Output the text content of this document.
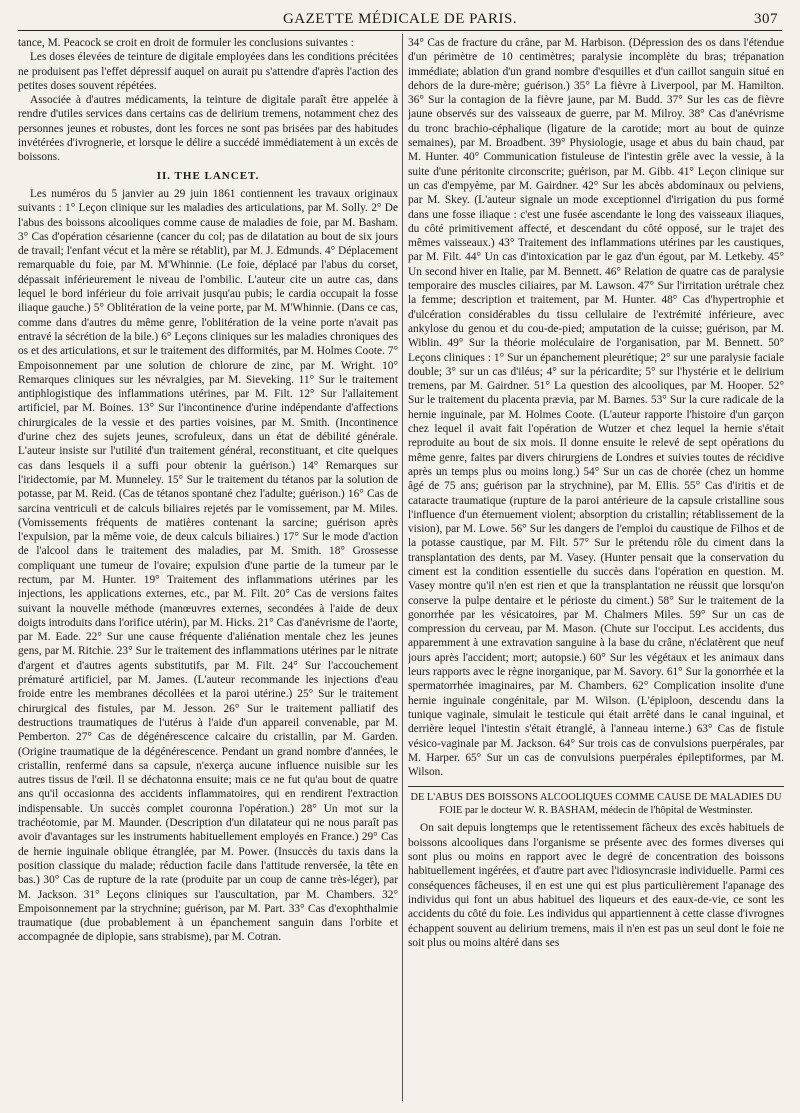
GAZETTE MÉDICALE DE PARIS.	307

tance, M. Peacock se croit en droit de formuler les conclusions suivantes :

Les doses élevées de teinture de digitale employées dans les conditions précitées ne produisent pas l'effet dépressif auquel on aurait pu s'attendre d'après l'action des petites doses souvent répétées.

Associée à d'autres médicaments, la teinture de digitale paraît être appelée à rendre d'utiles services dans certains cas de delirium tremens, notamment chez des personnes jeunes et robustes, dont les forces ne sont pas brisées par des habitudes invétérées d'ivrognerie, et lorsque le délire a succédé immédiatement à un excès de boissons.

II. THE LANCET.

Les numéros du 5 janvier au 29 juin 1861 contiennent les travaux originaux suivants : 1° Leçon clinique sur les maladies des articulations, par M. Solly. 2° De l'abus des boissons alcooliques comme cause de maladies de foie, par M. Basham. 3° Cas d'opération césarienne (cancer du col; pas de dilatation au bout de six jours de travail; l'enfant vécut et la mère se rétablit), par M. J. Edmunds. 4° Déplacement remarquable du foie, par M. M'Whinnie. (Le foie, déplacé par l'abus du corset, dépassait inférieurement le niveau de l'ombilic. L'auteur cite un autre cas, dans lequel le bord inférieur du foie arrivait jusqu'au pubis; le cardia occupait la fosse iliaque gauche.) 5° Oblitération de la veine porte, par M. M'Whinnie. (Dans ce cas, comme dans d'autres du même genre, l'oblitération de la veine porte n'avait pas entravé la sécrétion de la bile.) 6° Leçons cliniques sur les maladies chroniques des os et des articulations, et sur le traitement des difformités, par M. Holmes Coote. 7° Empoisonnement par une solution de chlorure de zinc, par M. Wright. 10° Remarques cliniques sur les névralgies, par M. Sieveking. 11° Sur le traitement antiphlogistique des inflammations utérines, par M. Filt. 12° Sur l'allaitement artificiel, par M. Boines. 13° Sur l'incontinence d'urine indépendante d'affections chirurgicales de la vessie et des parties voisines, par M. Smith. (Incontinence d'urine chez des sujets jeunes, scrofuleux, dans un état de débilité générale. L'auteur insiste sur l'utilité d'un traitement général, reconstituant, et cite quelques cas dans lesquels il a suffi pour obtenir la guérison.) 14° Remarques sur l'iridectomie, par M. Munneley. 15° Sur le traitement du tétanos par la solution de potasse, par M. Reid. (Cas de tétanos spontané chez l'adulte; guérison.) 16° Cas de sarcina ventriculi et de calculs biliaires rejetés par le vomissement, par M. Miles. (Vomissements fréquents de matières contenant la sarcine; guérison après l'expulsion, par la même voie, de deux calculs biliaires.) 17° Sur le mode d'action de l'alcool dans le traitement des maladies, par M. Smith. 18° Grossesse compliquant une tumeur de l'ovaire; expulsion d'une partie de la tumeur par le rectum, par M. Hunter. 19° Traitement des inflammations utérines par les injections, les applications externes, etc., par M. Filt. 20° Cas de versions faites suivant la nouvelle méthode (manœuvres externes, secondées à l'aide de deux doigts introduits dans l'orifice utérin), par M. Hicks. 21° Cas d'anévrisme de l'aorte, par M. Eade. 22° Sur une cause fréquente d'aliénation mentale chez les jeunes gens, par M. Ritchie. 23° Sur le traitement des inflammations utérines par le nitrate d'argent et d'autres agents substitutifs, par M. Filt. 24° Sur l'accouchement prématuré artificiel, par M. James. (L'auteur recommande les injections d'eau froide entre les membranes décollées et la paroi utérine.) 25° Sur le traitement chirurgical des fistules, par M. Jesson. 26° Sur le traitement palliatif des destructions traumatiques de l'utérus à l'aide d'un appareil convenable, par M. Pemberton. 27° Cas de dégénérescence calcaire du cristallin, par M. Garden. (Origine traumatique de la dégénérescence. Pendant un grand nombre d'années, le cristallin, renfermé dans sa capsule, n'exerça aucune influence nuisible sur les autres tissus de l'œil. Il se déchatonna ensuite; mais ce ne fut qu'au bout de quatre ans qu'il occasionna des accidents inflammatoires, qui en rendirent l'extraction indispensable. Un succès complet couronna l'opération.) 28° Un mot sur la trachéotomie, par M. Maunder. (Description d'un dilatateur qui ne nous paraît pas avoir d'avantages sur les instruments habituellement employés en France.) 29° Cas de hernie inguinale oblique étranglée, par M. Power. (Insuccès du taxis dans la position classique du malade; réduction facile dans l'attitude renversée, la tête en bas.) 30° Cas de rupture de la rate (produite par un coup de canne très-léger), par M. Jackson. 31° Leçons cliniques sur l'auscultation, par M. Chambers. 32° Empoisonnement par la strychnine; guérison, par M. Part. 33° Cas d'exophthalmie traumatique (due probablement à un épanchement sanguin dans l'orbite et accompagnée de diplopie, sans strabisme), par M. Cotran.

34° Cas de fracture du crâne, par M. Harbison. (Dépression des os dans l'étendue d'un périmètre de 10 centimètres; paralysie incomplète du bras; trépanation immédiate; ablation d'un grand nombre d'esquilles et d'un caillot sanguin situé en dehors de la dure-mère; guérison.) 35° La fièvre à Liverpool, par M. Hamilton. 36° Sur la contagion de la fièvre jaune, par M. Budd. 37° Sur les cas de fièvre jaune observés sur des vaisseaux de guerre, par M. Milroy. 38° Cas d'anévrisme du tronc brachio-céphalique (ligature de la carotide; mort au bout de quinze semaines), par M. Broadbent. 39° Physiologie, usage et abus du bain chaud, par M. Hunter. 40° Communication fistuleuse de l'intestin grêle avec la vessie, à la suite d'une péritonite circonscrite; guérison, par M. Gibb. 41° Leçon clinique sur un cas d'empyème, par M. Gairdner. 42° Sur les abcès abdominaux ou pelviens, par M. Skey. (L'auteur signale un mode exceptionnel d'irrigation du pus formé dans une fosse iliaque : c'est une fusée ascendante le long des vaisseaux iliaques, du côté primitivement affecté, et descendant du côté opposé, sur le trajet des mêmes vaisseaux.) 43° Traitement des inflammations utérines par les caustiques, par M. Filt. 44° Un cas d'intoxication par le gaz d'un égout, par M. Letkeby. 45° Un second hiver en Italie, par M. Bennett. 46° Relation de quatre cas de paralysie temporaire des muscles ciliaires, par M. Lawson. 47° Sur l'irritation urétrale chez la femme; description et traitement, par M. Hunter. 48° Cas d'hypertrophie et d'ulcération considérables du tissu cellulaire de l'extrémité inférieure, avec ankylose du genou et du cou-de-pied; amputation de la cuisse; guérison, par M. Wiblin. 49° Sur la théorie moléculaire de l'organisation, par M. Bennett. 50° Leçons cliniques : 1° Sur un épanchement pleurétique; 2° sur une paralysie faciale double; 3° sur un cas d'iléus; 4° sur la péricardite; 5° sur l'hystérie et le delirium tremens, par M. Gairdner. 51° La question des alcooliques, par M. Hooper. 52° Sur le traitement du placenta prævia, par M. Barnes. 53° Sur la cure radicale de la hernie inguinale, par M. Holmes Coote. (L'auteur rapporte l'histoire d'un garçon chez lequel il avait fait l'opération de Wutzer et chez lequel la hernie s'était reproduite au bout de six mois. Il donne ensuite le relevé de sept opérations du même genre, faites par divers chirurgiens de Londres et suivies toutes de récidive après un temps plus ou moins long.) 54° Sur un cas de chorée (chez un homme âgé de 75 ans; guérison par la strychnine), par M. Ellis. 55° Cas d'iritis et de cataracte traumatique (rupture de la paroi antérieure de la capsule cristalline sous l'influence d'un éternuement violent; absorption du cristallin; rétablissement de la vision), par M. Lowe. 56° Sur les dangers de l'emploi du caustique de Filhos et de la potasse caustique, par M. Filt. 57° Sur le prétendu rôle du ciment dans la transplantation des dents, par M. Vasey. (Hunter pensait que la conservation du ciment est la condition essentielle du succès dans l'opération en question. M. Vasey montre qu'il n'en est rien et que la transplantation ne réussit que lorsqu'on conserve la pulpe dentaire et le périoste du ciment.) 58° Sur le traitement de la gonorrhée par les vésicatoires, par M. Chalmers Miles. 59° Sur un cas de compression du cerveau, par M. Mason. (Chute sur l'occiput. Les accidents, dus apparemment à une extravation sanguine à la base du crâne, n'éclatèrent que neuf jours après l'accident; mort; autopsie.) 60° Sur les végétaux et les animaux dans leurs rapports avec le règne inorganique, par M. Savory. 61° Sur la gonorrhée et la spermatorrhée imaginaires, par M. Chambers. 62° Complication insolite d'une hernie inguinale congénitale, par M. Wilson. (L'épiploon, descendu dans la tunique vaginale, simulait le testicule qui était arrêté dans le canal inguinal, et derrière lequel l'intestin s'était étranglé, à l'anneau interne.) 63° Cas de fistule vésico-vaginale par M. Jackson. 64° Sur trois cas de convulsions puerpérales, par M. Harper. 65° Sur un cas de convulsions puerpérales épileptiformes, par M. Wilson.

DE L'ABUS DES BOISSONS ALCOOLIQUES COMME CAUSE DE MALADIES DU FOIE par le docteur W. R. BASHAM, médecin de l'hôpital de Westminster.

On sait depuis longtemps que le retentissement fâcheux des excès habituels de boissons alcooliques dans l'organisme se présente avec des formes diverses qui sont plus ou moins en rapport avec le degré de concentration des boissons habituellement ingérées, et d'autre part avec l'idiosyncrasie individuelle. Parmi ces conséquences fâcheuses, il en est une qui est plus particulièrement l'apanage des individus qui font un abus habituel des liqueurs et des eaux-de-vie, ce sont les accidents du côté du foie. Les individus qui appartiennent à cette classe d'ivrognes échappent souvent au delirium tremens, mais il n'en est pas un seul dont le foie ne soit plus ou moins altéré dans ses
